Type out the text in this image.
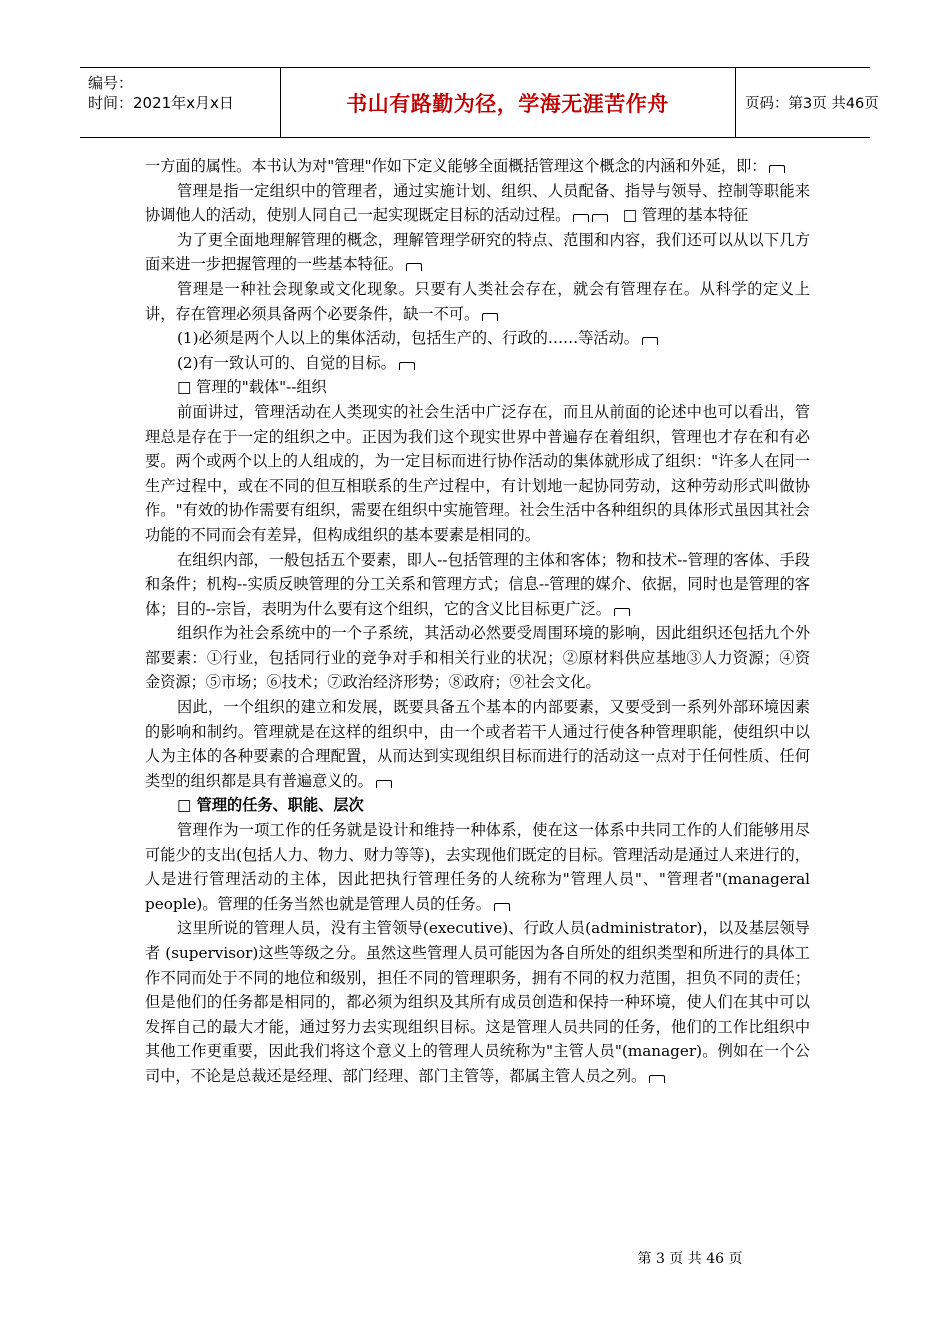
编号：
时间：2021年x月x日	书山有路勤为径，学海无涯苦作舟	页码：第3页 共46页

一方面的属性。本书认为对"管理"作如下定义能够全面概括管理这个概念的内涵和外延，即：

管理是指一定组织中的管理者，通过实施计划、组织、人员配备、指导与领导、控制等职能来协调他人的活动，使别人同自己一起实现既定目标的活动过程。	□ 管理的基本特征

为了更全面地理解管理的概念，理解管理学研究的特点、范围和内容，我们还可以从以下几方面来进一步把握管理的一些基本特征。

管理是一种社会现象或文化现象。只要有人类社会存在，就会有管理存在。从科学的定义上讲，存在管理必须具备两个必要条件，缺一不可。

(1)必须是两个人以上的集体活动，包括生产的、行政的……等活动。

(2)有一致认可的、自觉的目标。

□ 管理的"载体"--组织

前面讲过，管理活动在人类现实的社会生活中广泛存在，而且从前面的论述中也可以看出，管理总是存在于一定的组织之中。正因为我们这个现实世界中普遍存在着组织，管理也才存在和有必要。两个或两个以上的人组成的，为一定目标而进行协作活动的集体就形成了组织："许多人在同一生产过程中，或在不同的但互相联系的生产过程中，有计划地一起协同劳动，这种劳动形式叫做协作。"有效的协作需要有组织，需要在组织中实施管理。社会生活中各种组织的具体形式虽因其社会功能的不同而会有差异，但构成组织的基本要素是相同的。

在组织内部，一般包括五个要素，即人--包括管理的主体和客体；物和技术--管理的客体、手段和条件；机构--实质反映管理的分工关系和管理方式；信息--管理的媒介、依据，同时也是管理的客体；目的--宗旨，表明为什么要有这个组织，它的含义比目标更广泛。

组织作为社会系统中的一个子系统，其活动必然要受周围环境的影响，因此组织还包括九个外部要素：①行业，包括同行业的竞争对手和相关行业的状况；②原材料供应基地③人力资源；④资金资源；⑤市场；⑥技术；⑦政治经济形势；⑧政府；⑨社会文化。

因此，一个组织的建立和发展，既要具备五个基本的内部要素，又要受到一系列外部环境因素的影响和制约。管理就是在这样的组织中，由一个或者若干人通过行使各种管理职能，使组织中以人为主体的各种要素的合理配置，从而达到实现组织目标而进行的活动这一点对于任何性质、任何类型的组织都是具有普遍意义的。

□ 管理的任务、职能、层次

管理作为一项工作的任务就是设计和维持一种体系，使在这一体系中共同工作的人们能够用尽可能少的支出(包括人力、物力、财力等等)，去实现他们既定的目标。管理活动是通过人来进行的，人是进行管理活动的主体，因此把执行管理任务的人统称为"管理人员"、"管理者"(manageral people)。管理的任务当然也就是管理人员的任务。

这里所说的管理人员，没有主管领导(executive)、行政人员(administrator)，以及基层领导者 (supervisor)这些等级之分。虽然这些管理人员可能因为各自所处的组织类型和所进行的具体工作不同而处于不同的地位和级别，担任不同的管理职务，拥有不同的权力范围，担负不同的责任；但是他们的任务都是相同的，都必须为组织及其所有成员创造和保持一种环境，使人们在其中可以发挥自己的最大才能，通过努力去实现组织目标。这是管理人员共同的任务，他们的工作比组织中其他工作更重要，因此我们将这个意义上的管理人员统称为"主管人员"(manager)。例如在一个公司中，不论是总裁还是经理、部门经理、部门主管等，都属主管人员之列。

第 3 页 共 46 页
